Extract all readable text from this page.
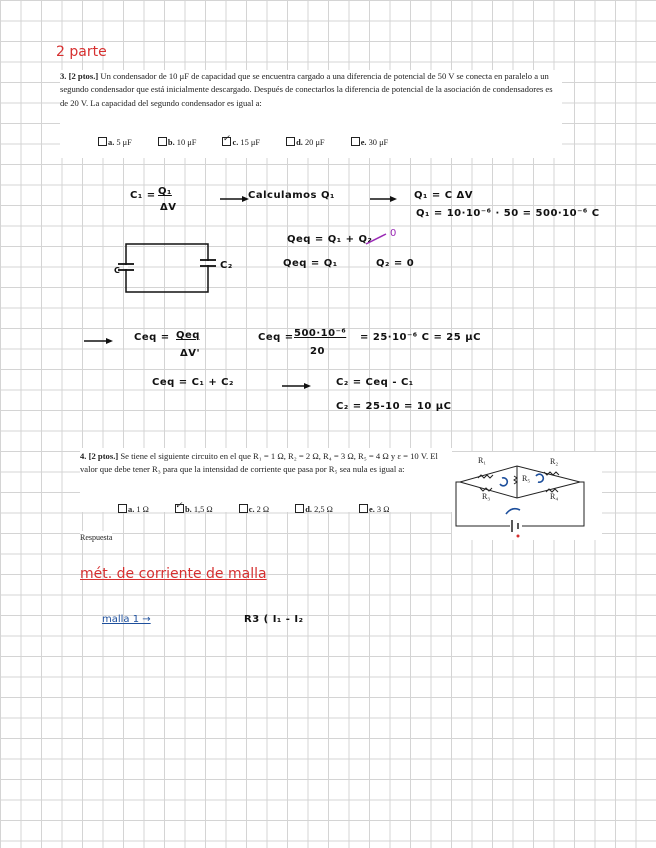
2 parte
3. [2 ptos.] Un condensador de 10 μF de capacidad que se encuentra cargado a una diferencia de potencial de 50 V se conecta en paralelo a un segundo condensador que está inicialmente descargado. Después de conectarlos la diferencia de potencial de la asociación de condensadores es de 20 V. La capacidad del segundo condensador es igual a:
a. 5 μF	b. 10 μF ✓	c. 15 μF	d. 20 μF	e. 30 μF
C₁ = Q₁
ΔV
Calculamos Q₁	Q₁ = C ΔV
Q₁ = 10·10⁻⁶ · 50 = 500·10⁻⁶ C
C₂
C
Qeq = Q₁ + Q₂
0
Qeq = Q₁	Q₂ = 0
Ceq = Qeq
ΔV'
Ceq = 500·10⁻⁶
20
= 25·10⁻⁶ C = 25 μC
Ceq = C₁ + C₂	C₂ = Ceq - C₁
C₂ = 25-10 = 10 μC
4. [2 ptos.] Se tiene el siguiente circuito en el que R₁ = 1 Ω, R₂ = 2 Ω, R₄ = 3 Ω, R₅ = 4 Ω y ε = 10 V. El valor que debe tener R₃ para que la intensidad de corriente que pasa por R₅ sea nula es igual a:
a. 1 Ω ✓	b. 1,5 Ω	c. 2 Ω	d. 2,5 Ω	e. 3 Ω
Respuesta
R₁	R₂
R₃	R₄
R₅
mét. de corriente de malla
malla 1 →	R3 ( I₁ - I₂
